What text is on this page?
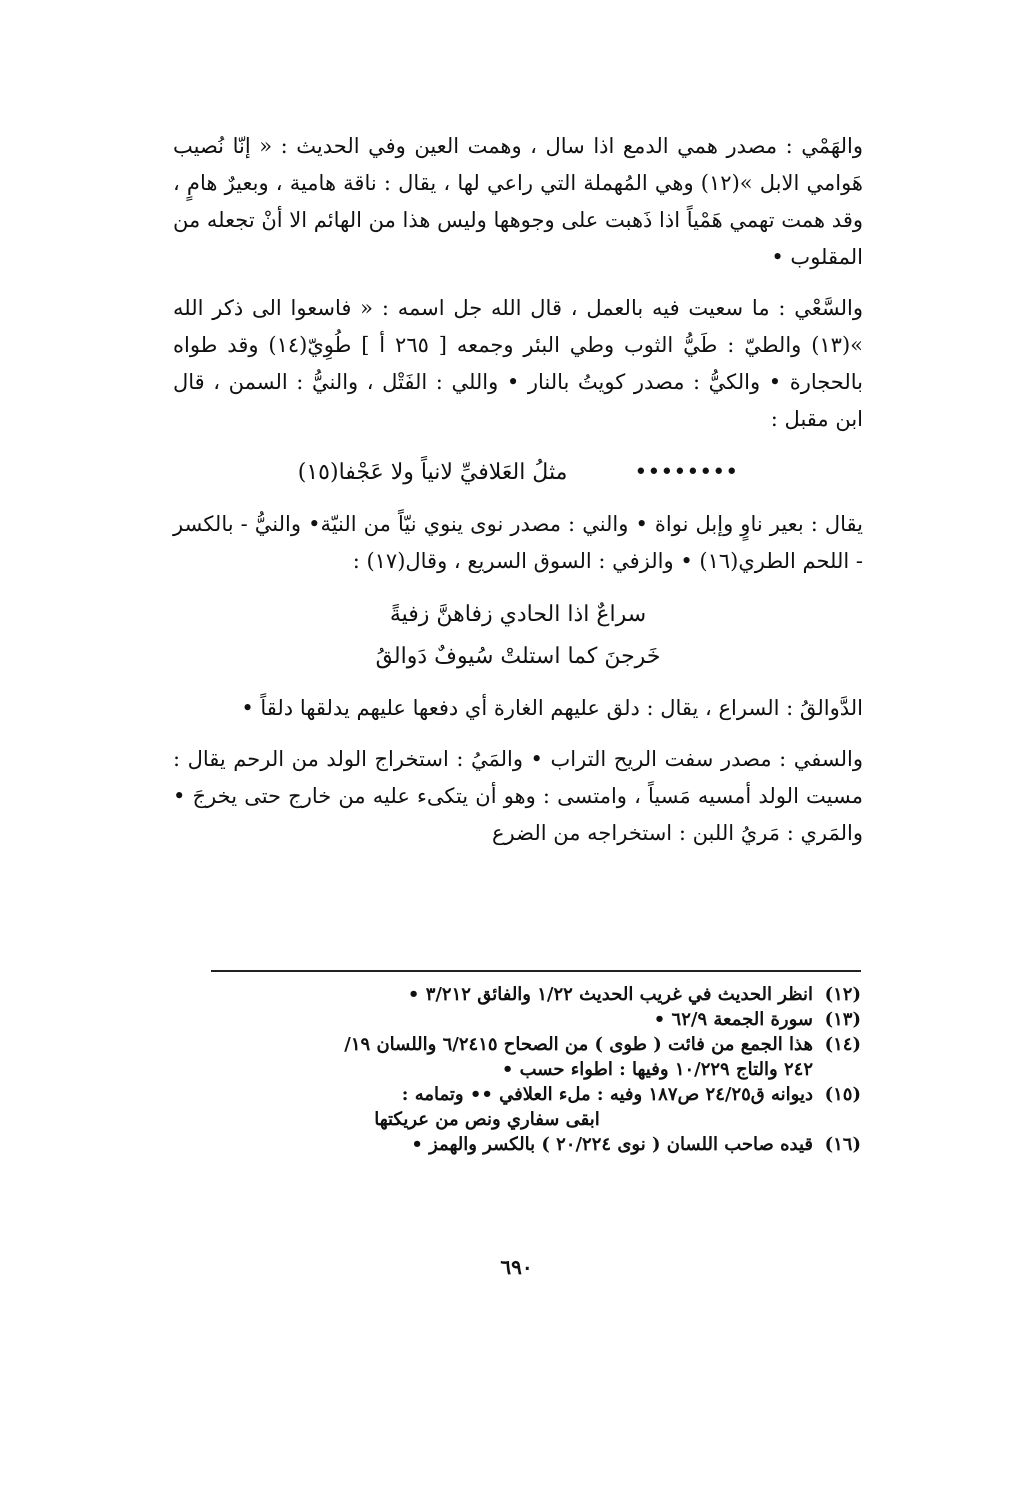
والهَمْي : مصدر همي الدمع اذا سال ، وهمت العين وفي الحديث : « إنّا نُصيب هَوامي الابل »(١٢) وهي المُهملة التي راعي لها ، يقال : ناقة هامية ، وبعيرٌ هامٍ ، وقد همت تهمي هَمْياً اذا ذَهبت على وجوهها وليس هذا من الهائم الا أنْ تجعله من المقلوب •

والسَّعْي : ما سعيت فيه بالعمل ، قال الله جل اسمه : « فاسعوا الى ذكر الله »(١٣) والطيّ : طَيُّ الثوب وطي البئر وجمعه [ ٢٦٥ أ ] طُوِيّ(١٤) وقد طواه بالحجارة • والكيُّ : مصدر كويتُ بالنار • واللي : الفَتْل ، والنيُّ : السمن ، قال ابن مقبل :

•••••••• مثلُ العَلافيِّ لانياً ولا عَجْفا(١٥)

يقال : بعير ناوٍ وإبل نواة • والني : مصدر نوى ينوي نيّاً من النيّة• والنيُّ - بالكسر - اللحم الطري(١٦) • والزفي : السوق السريع ، وقال(١٧) :

سراعٌ اذا الحادي زفاهنَّ زفيةً
خَرجنَ كما استلتْ سُيوفٌ دَوالقُ

الدَّوالقُ : السراع ، يقال : دلق عليهم الغارة أي دفعها عليهم يدلقها دلقاً •

والسفي : مصدر سفت الريح التراب • والمَيُ : استخراج الولد من الرحم يقال : مسيت الولد أمسيه مَسياً ، وامتسى : وهو أن يتكىء عليه من خارج حتى يخرجَ • والمَري : مَريُ اللبن : استخراجه من الضرع

(١٢)
انظر الحديث في غريب الحديث ١/٢٢ والفائق ٣/٢١٢ •
(١٣)
سورة الجمعة ٦٢/٩ •
(١٤)
هذا الجمع من فائت ( طوى ) من الصحاح ٦/٢٤١٥ واللسان ١٩/
٢٤٢ والتاج ١٠/٢٢٩ وفيها : اطواء حسب •
(١٥)
ديوانه ق٢٤/٢٥ ص١٨٧ وفيه : ملء العلافي •• وتمامه :
ابقى سفاري ونص من عريكتها
(١٦)
قيده صاحب اللسان ( نوى ٢٠/٢٢٤ ) بالكسر والهمز •
٦٩٠
